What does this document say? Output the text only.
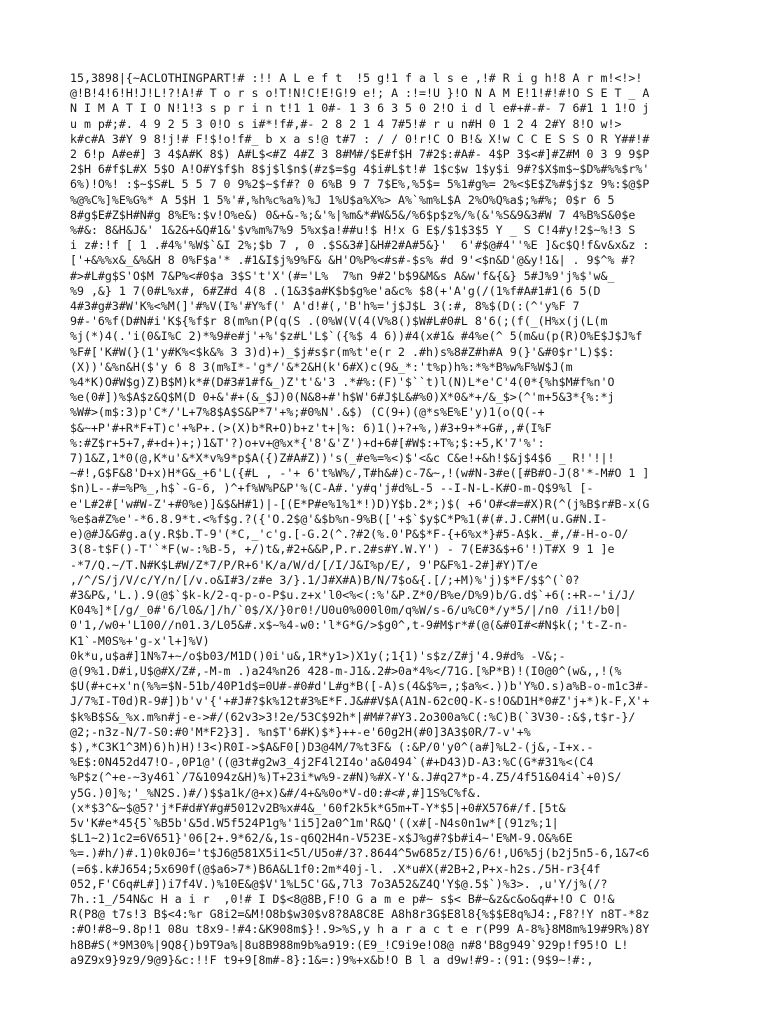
15,3898|{~ACLOTHINGPART!# :!! A L e f t  !5 g!1 f a l s e ,!# R i g h!8 A r m!<!>!
@!B!4!6!H!J!L!?!A!# T o r s o!T!N!C!E!G!9 e!; A :!=!U }!O N A M E!1!#!#!O S E T _ A
N I M A T I O N!1!3 s p r i n t!1 1 0#- 1 3 6 3 5 0 2!O i d l e#+#-#- 7 6#1 1 1!O j
u m p#;#. 4 9 2 5 3 0!O s i#*!f#,#- 2 8 2 1 4 7#5!# r u n#H 0 1 2 4 2#Y 8!O w!>
k#c#A 3#Y 9 8!j!# F!$!o!f#_ b x a s!@ t#7 : / / 0!r!C O B!& X!w C C E S S O R Y##!#
2 6!p A#e#] 3 4$A#K 8$) A#L$<#Z 4#Z 3 8#M#/$E#f$H 7#2$:#A#- 4$P 3$<#]#Z#M 0 3 9 9$P
2$H 6#f$L#X 5$O A!O#Y$f$h 8$j$l$n$(#z$=$g 4$i#L$t!# 1$c$w 1$y$i 9#?$X$m$~$D%#%%$r%'
6%)!O%! :$~$S#L 5 5 7 0 9%2$~$f#? 0 6%B 9 7 7$E%,%5$= 5%1#g%= 2%<$E$Z%#$j$z 9%:$@$P
%@%C%]%E%G%* A 5$H 1 5%'#,%h%c%a%)%J 1%U$a%X%> A%`%m%L$A 2%O%Q%a$;%#%; 0$r 6 5
8#g$E#Z$H#N#g 8%E%:$v!O%e&) 0&+&-%;&'%|%m&*#W&5&/%6$p$z%/%(&'%S&9&3#W 7 4%B%S&0$e
%#&: 8&H&J&' 1&2&+&Q#1&'$v%m%7%9 5%x$a!##u!$ H!x G E$/$1$3$5 Y _ S C!4#y!2$~%!3 S
i z#:!f [ 1 .#4%'%W$`&I 2%;$b 7 , 0 .$S&3#]&H#2#A#5&}'  6'#$@#4''%E ]&c$Q!f&v&x&z :
['+&%%x&_&%&H 8 0%F$a'* .#1&I$j%9%F& &H'O%P%<#s#-$s% #d 9'<$n&D'@&y!1&| . 9$^% #?
#>#L#g$S'O$M 7&P%<#0$a 3$S't'X'(#='L%  7%n 9#2'b$9&M&s A&w'f&{&} 5#J%9'j%$'w&_
%9 ,&} 1 7(0#L%x#, 6#Z#d 4(8 .(1&3$a#K$b$g%e'a&c% $8(+'A'g(/(1%f#A#1#1(6 5(D
4#3#g#3#W'K%<%M(]'#%V(I%'#Y%f(' A'd!#(,'B'h%='j$J$L 3(:#, 8%$(D(:(^'y%F 7
9#-'6%f(D#N#i'K${%f$r 8(m%n(P(q(S .(0%W(V(4(V%8()$W#L#0#L 8'6(;(f(_(H%x(j(L(m
%j(*)4(.'i(0&I%C 2)*%9#e#j'+%'$z#L'L$`({%$ 4 6))#4(x#1& #4%e(^ 5(m&u(p(R)O%E$J$J%f
%F#['K#W(}(1'y#K%<$k&% 3 3)d)+)_$j#s$r(m%t'e(r 2 .#h)s%8#Z#h#A 9(}'&#0$r'L)$$:
(X))'&%n&H($'y 6 8 3(m%I*-'g*/'&*2&H(k'6#X)c(9&_*:'t%p)h%:*%*B%w%F%W$J(m
%4*K)O#W$g)Z)B$M)k*#(D#3#1#f&_)Z't'&'3 .*#%:(F)'$``t)l(N)L*e'C'4(0*{%h$M#f%n'O
%e(0#])%$A$z&Q$M(D 0+&'#+(&_$J)0(N&8+#'h$W'6#J$L&#%0)X*0&*+/&_$>(^'m+5&3*{%:*j
%W#>(m$:3)p'C*/'L+7%8$A$S&P*7'+%;#0%N'.&$) (C(9+)(@*s%E%E'y)1(o(Q(-+
$&~+P'#+R*F+T)c'+%P+.(>(X)b*R+O)b+z't+|%: 6)1()+?+%,)#3+9+*+G#,,#(I%F
%:#Z$r+5+7,#+d+)+;)1&T'?)o+v+@%x*{'8'&'Z')+d+6#[#W$:+T%;$:+5,K'7'%':
7)1&Z,1*0(@,K*u'&*X*v%9*p$A({)Z#A#Z))'s(_#e%=%<)$'<&c C&e!+&h!$&j$4$6 _ R!'!|!
~#!,G$F&8'D+x)H*G&_+6'L({#L , -'+ 6't%W%/,T#h&#)c-7&~,!(w#N-3#e([#B#O-J(8'*-M#O 1 ]
$n)L--#=%P%_,h$`-G-6, )^+f%W%P&P'%(C-A#.'y#q'j#d%L-5 --I-N-L-K#O-m-Q$9%l [-
e'L#2#['w#W-Z'+#0%e)]&$&H#1)|-[(E*P#e%1%1*!)D)Y$b.2*;)$( +6'O#<#=#X)R(^(j%B$r#B-x(G
%e$a#Z%e'-*6.8.9*t.<%f$g.?({'O.2$@'&$b%n-9%B(['+$`$y$C*P%1(#(#.J.C#M(u.G#N.I-
e)@#J&G#g.a(y.R$b.T-9'(*C,_'c'g.[-G.2(^.?#2(%.0'P&$*F-{+6%x*}#5-A$k._#,/#-H-o-O/
3(8-t$F()-T'`*F(w-:%B-5, +/)t&,#2+&&P,P.r.2#s#Y.W.Y') - 7(E#3&$+6'!)T#X 9 1 ]e
-*7/Q.~/T.N#K$L#W/Z*7/P/R+6'K/a/W/d/[/I/J&I%p/E/, 9'P&F%1-2#]#Y)T/e
,/^/S/j/V/c/Y/n/[/v.o&I#3/z#e 3/}.1/J#X#A)B/N/7$o&{.[/;+M)%'j)$*F/$$^(`0?
#3&P&,'L.).9(@$`$k-k/2-q-p-o-P$u.z+x'l0<%<(:%'&P.Z*0/B%e/D%9)b/G.d$`+6(:+R-~'i/J/
K04%]*[/g/_0#'6/l0&/]/h/`0$/X/}0r0!/U0u0%000l0m/q%W/s-6/u%C0*/y*5/|/n0 /i1!/b0|
0'1,/w0+'L100//n01.3/L05&#.x$~%4-w0:'l*G*G/>$g0^,t-9#M$r*#(@(&#0I#<#N$k(;'t-Z-n-
K1`-M0S%+'g-x'l+]%V)
0k*u,u$a#]1N%7+~/o$b03/M1D()0i'u&,1R*y1>)X1y(;1{1)'s$z/Z#j'4.9#d% -V&;-
@(9%1.D#i,U$@#X/Z#,-M-m .)a24%n26 428-m-J1&.2#>0a*4%</71G.[%P*B)!(I0@0^(w&,,!(%
$U(#+c+x'n(%%=$N-51b/40P1d$=0U#-#0#d'L#g*B([-A)s(4&$%=,;$a%<.))b'Y%O.s)a%B-o-m1c3#-
J/7%I-T0d)R-9#])b'v'{'+#J#?$k%12t#3%E*F.J&##V$A(A1N-62c0Q-K-s!O&D1H*0#Z'j+*)k-F,X'+
$k%B$S&_%x.m%n#j-e->#/(62v3>3!2e/53C$92h*|#M#?#Y3.2o300a%C(:%C)B(`3V30-:&$,t$r-}/
@2;-n3z-N/7-S0:#0'M*F2}3]. %n$T'6#K)$*}++-e'60g2H(#0]3A3$0R/7-v'+%
$),*C3K1^3M)6)h)H)!3<)R0I->$A&F0[)D3@4M/7%t3F& (:&P/0'y0^(a#]%L2-(j&,-I+x.-
%E$:0N452d47!O-,0P1@'((@3t#g2w3_4j2F4l2I4o'a&0494`(#+D43)D-A3:%C(G*#31%<(C4
%P$z(^+e-~3y461`/7&1094z&H)%)T+23i*w%9-z#N)%#X-Y'&.J#q27*p-4.Z5/4f51&04i4`+0)S/
y5G.)0]%;'_%N2S.)#/)$$a1k/@+x)&#/4+&%0o*V-d0:#<#,#]1S%C%f&.
(x*$3^&~$@5?'j*F#d#Y#g#5012v2B%x#4&_'60f2k5k*G5m+T-Y*$5|+0#X576#/f.[5t&
5v'K#e*45{5`%B5b'&5d.W5f524P1g%'1i5]2a0^1m'R&Q'((x#[-N4s0n1w*[(91z%;1|
$L1~2)1c2=6V651}'06[2+.9*62/&,1s-q6Q2H4n-V523E-x$J%g#?$b#i4~'E%M-9.O&%6E
%=.)#h/)#.1)0k0J6='t$J6@581X5i1<5l/U5o#/3?.8644^5w685z/I5)6/6!,U6%5j(b2j5n5-6,1&7<6
(=6$.k#J654;5x690f(@$a6>7*)B6A&L1f0:2m*40j-l. .X*u#X(#2B+2,P+x-h2s./5H-r3{4f
052,F'C6q#L#])i7f4V.)%10E&@$V'1%L5C'G&,7l3 7o3A52&Z4Q'Y$@.5$`)%3>. ,u'Y/j%(/?
7h.:1_/54N&c H a i r  ,0!# I D$<8@8B,F!O G a m e p#~ s$< B#~&z&c&o&q#+!O C O!&
R(P8@ t7s!3 B$<4:%r G8i2=&M!O8b$w30$v8?8A8C8E A8h8r3G$E8l8{%$$E8q%J4:,F8?!Y n8T-*8z
:#O!#8~9.8p!1 08u t8x9-!#4:&K908m$}!.9>%S,y h a r a c t e r(P99 A-8%}8M8m%19#9R%)8Y
h8B#S(*9M30%|9Q8{)b9T9a%|8u8B988m9b%a919:(E9_!C9i9e!O8@ n#8'B8g949`929p!f95!O L!
a9Z9x9}9z9/9@9}&c:!!F t9+9[8m#-8}:1&=:)9%+x&b!O B l a d9w!#9-:(91:(9$9~!#:,
